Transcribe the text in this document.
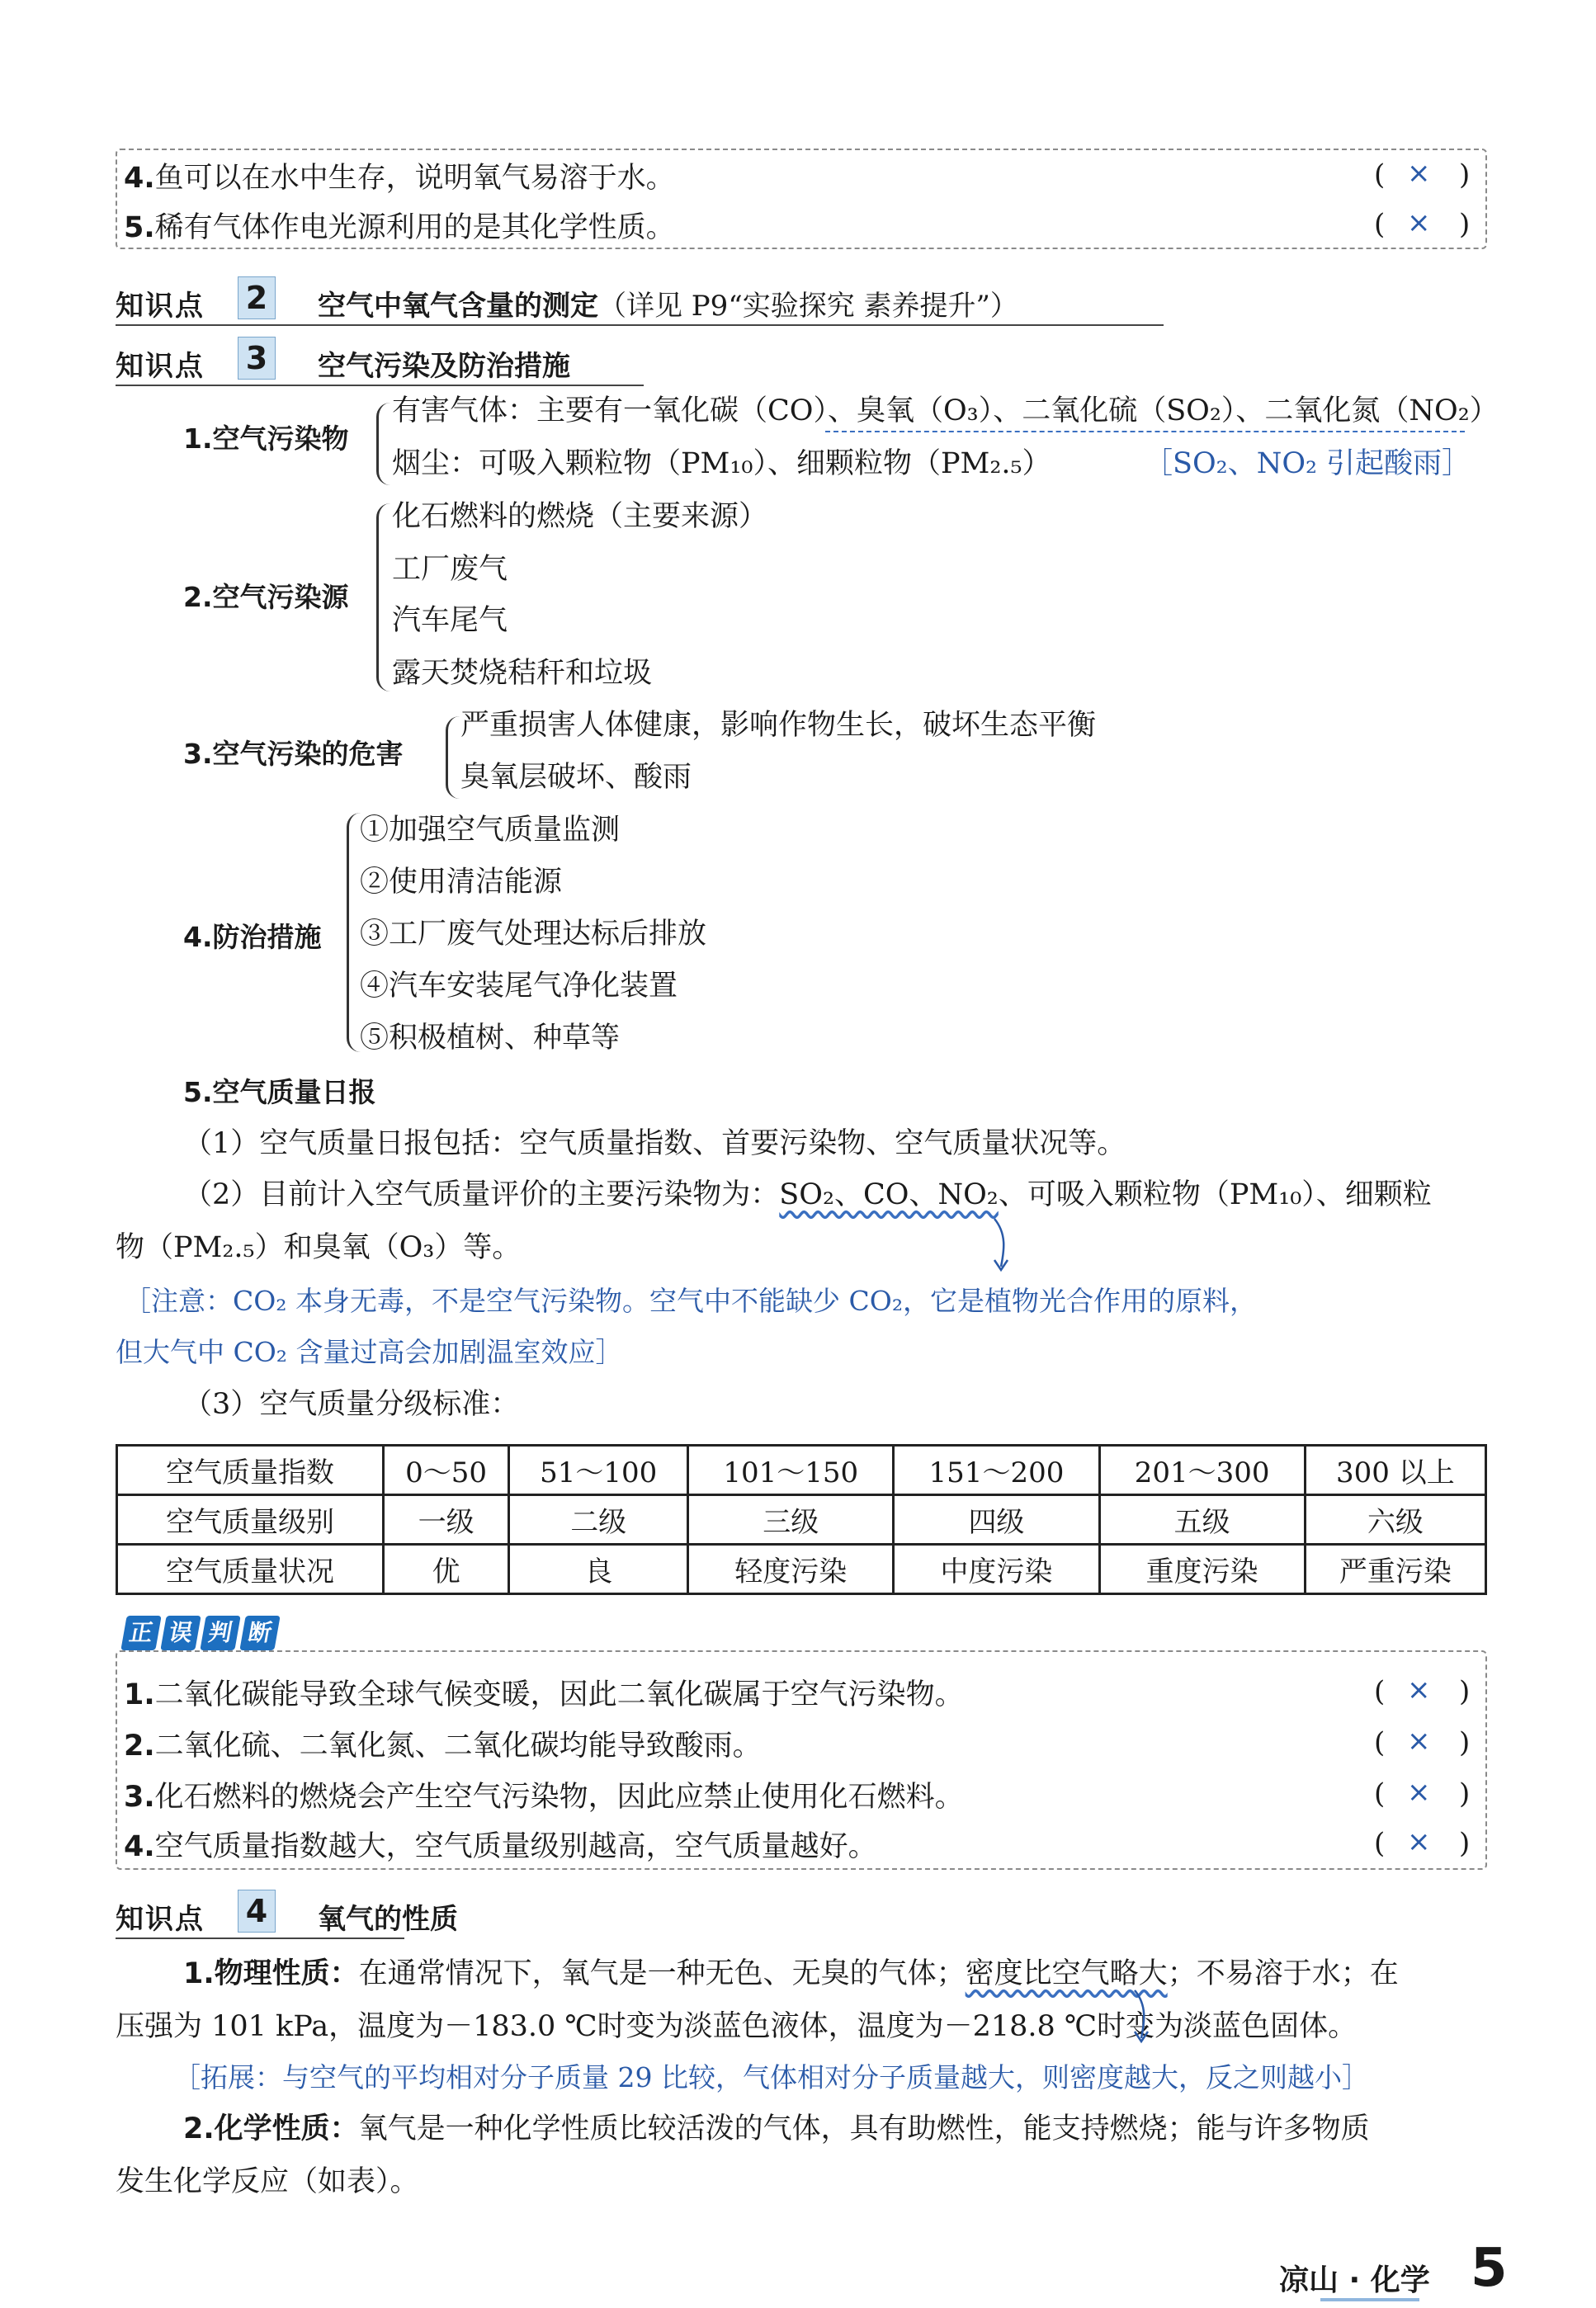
4.鱼可以在水中生存，说明氧气易溶于水。	( × )
5.稀有气体作电光源利用的是其化学性质。	( × )
知识点 2 空气中氧气含量的测定（详见 P9“实验探究 素养提升”）
知识点 3 空气污染及防治措施
1.空气污染物
有害气体：主要有一氧化碳（CO）、臭氧（O₃）、二氧化硫（SO₂）、二氧化氮（NO₂）
烟尘：可吸入颗粒物（PM₁₀）、细颗粒物（PM₂.₅）	［SO₂、NO₂ 引起酸雨］
2.空气污染源
化石燃料的燃烧（主要来源）
工厂废气
汽车尾气
露天焚烧秸秆和垃圾
3.空气污染的危害
严重损害人体健康，影响作物生长，破坏生态平衡
臭氧层破坏、酸雨
4.防治措施
①加强空气质量监测
②使用清洁能源
③工厂废气处理达标后排放
④汽车安装尾气净化装置
⑤积极植树、种草等
5.空气质量日报
（1）空气质量日报包括：空气质量指数、首要污染物、空气质量状况等。
（2）目前计入空气质量评价的主要污染物为：SO₂、CO、NO₂、可吸入颗粒物（PM₁₀）、细颗粒
物（PM₂.₅）和臭氧（O₃）等。
［注意：CO₂ 本身无毒，不是空气污染物。空气中不能缺少 CO₂，它是植物光合作用的原料，
但大气中 CO₂ 含量过高会加剧温室效应］
（3）空气质量分级标准：
空气质量指数	0～50	51～100	101～150	151～200	201～300	300 以上
空气质量级别	一级	二级	三级	四级	五级	六级
空气质量状况	优	良	轻度污染	中度污染	重度污染	严重污染
正 误 判 断
1.二氧化碳能导致全球气候变暖，因此二氧化碳属于空气污染物。	( × )
2.二氧化硫、二氧化氮、二氧化碳均能导致酸雨。	( × )
3.化石燃料的燃烧会产生空气污染物，因此应禁止使用化石燃料。	( × )
4.空气质量指数越大，空气质量级别越高，空气质量越好。	( × )
知识点 4 氧气的性质
1.物理性质：在通常情况下，氧气是一种无色、无臭的气体；密度比空气略大；不易溶于水；在
压强为 101 kPa，温度为－183.0 ℃时变为淡蓝色液体，温度为－218.8 ℃时变为淡蓝色固体。
［拓展：与空气的平均相对分子质量 29 比较，气体相对分子质量越大，则密度越大，反之则越小］
2.化学性质：氧气是一种化学性质比较活泼的气体，具有助燃性，能支持燃烧；能与许多物质
发生化学反应（如表）。
凉山 · 化学 5
